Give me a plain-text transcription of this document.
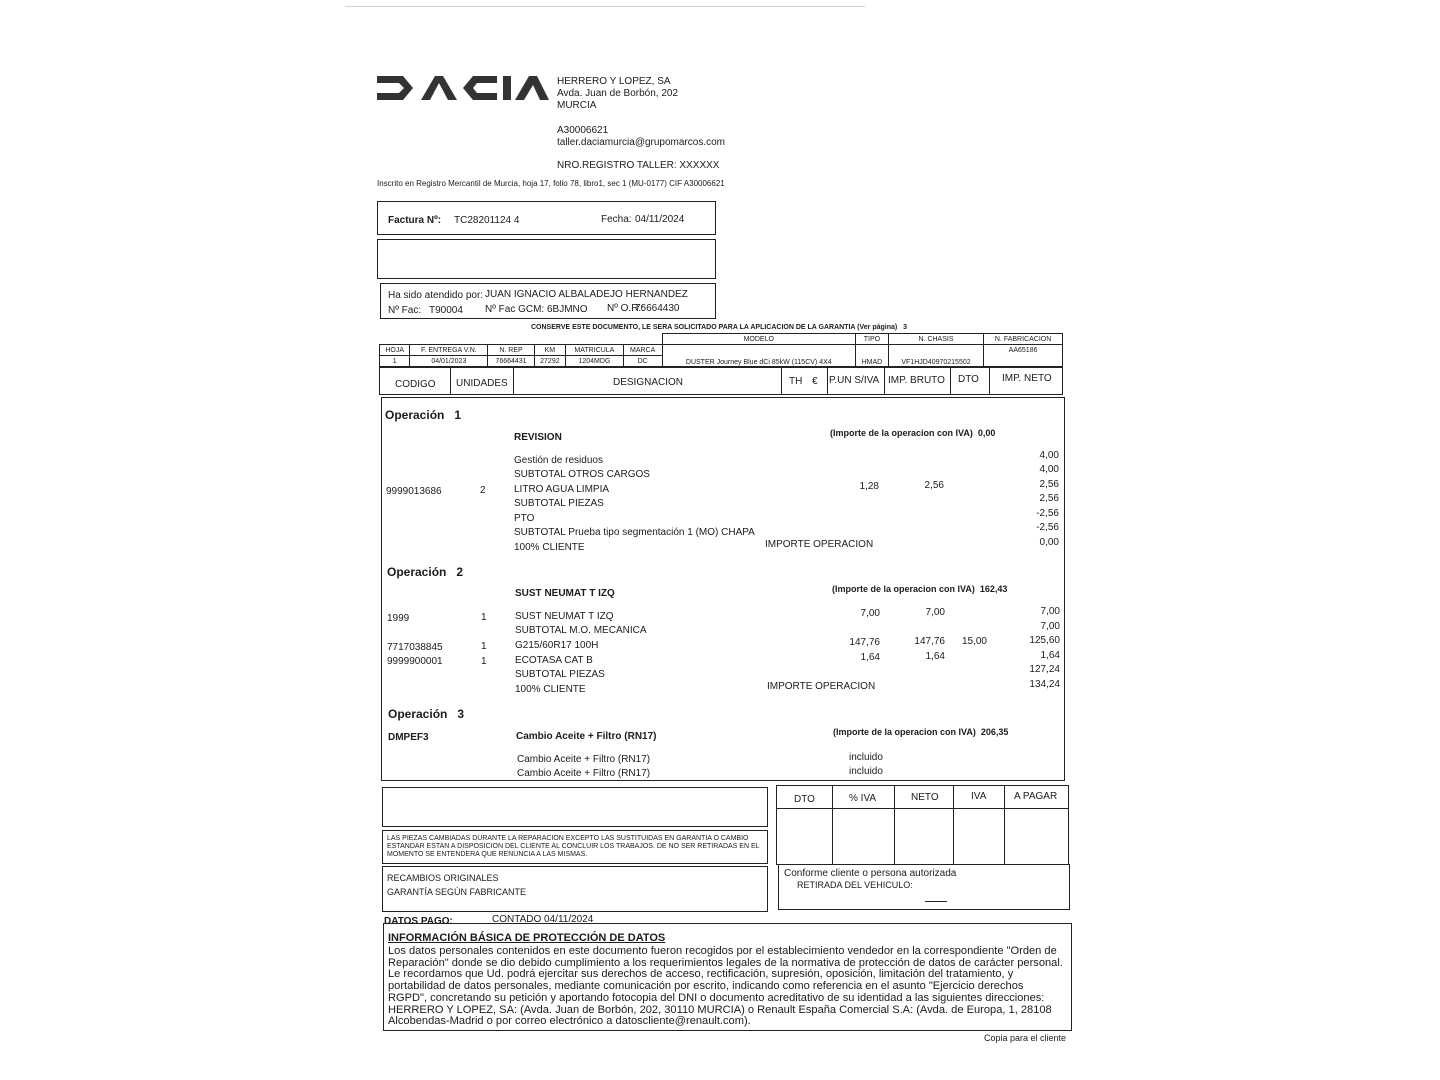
HERRERO Y LOPEZ, SA
Avda. Juan de Borbón, 202
MURCIA
A30006621
taller.daciamurcia@grupomarcos.com
NRO.REGISTRO TALLER: XXXXXX
Inscrito en Registro Mercantil de Murcia, hoja 17, folio 78, libro1, sec 1 (MU-0177) CIF A30006621
Factura Nº: TC28201124 4	Fecha: 04/11/2024
Ha sido atendido por: JUAN IGNACIO ALBALADEJO HERNANDEZ
Nº Fac: T90004 Nº Fac GCM: 6BJMNO Nº O.R.:
76664430
CONSERVE ESTE DOCUMENTO, LE SERA SOLICITADO PARA LA APLICACION DE LA GARANTIA (Ver página) 3
						MODELO	TIPO	N. CHASIS	N. FABRICACION
HOJA	F. ENTREGA V.N.	N. REP	KM	MATRICULA	MARCA	DUSTER Journey Blue dCi 85kW (115CV) 4X4	HMAD	VF1HJD40970215502	AA65186
1	04/01/2023	76664431	27292	1204MDG	DC				
CODIGO UNIDADES	DESIGNACION	TH € P.UN S/IVA IMP. BRUTO DTO IMP. NETO
Operación 1
REVISION	(Importe de la operacion con IVA) 0,00
Gestión de residuos	4,00
SUBTOTAL OTROS CARGOS	4,00
9999013686	2	LITRO AGUA LIMPIA	1,28	2,56	2,56
SUBTOTAL PIEZAS	2,56
PTO	-2,56
SUBTOTAL Prueba tipo segmentación 1 (MO) CHAPA	-2,56
100% CLIENTE	IMPORTE OPERACION	0,00
Operación 2
SUST NEUMAT T IZQ	(Importe de la operacion con IVA) 162,43
1999	1	SUST NEUMAT T IZQ	7,00	7,00	7,00
SUBTOTAL M.O. MECANICA	7,00
7717038845	1	G215/60R17 100H	147,76	147,76 15,00	125,60
9999900001	1	ECOTASA CAT B	1,64	1,64	1,64
SUBTOTAL PIEZAS	127,24
100% CLIENTE	IMPORTE OPERACION	134,24
Operación 3
DMPEF3	Cambio Aceite + Filtro (RN17)	(Importe de la operacion con IVA) 206,35
Cambio Aceite + Filtro (RN17)	incluido
Cambio Aceite + Filtro (RN17)	incluido
DTO	% IVA	NETO	IVA	A PAGAR
LAS PIEZAS CAMBIADAS DURANTE LA REPARACION EXCEPTO LAS SUSTITUIDAS EN GARANTIA O CAMBIO ESTANDAR ESTAN A DISPOSICION DEL CLIENTE AL CONCLUIR LOS TRABAJOS. DE NO SER RETIRADAS EN EL MOMENTO SE ENTENDERA QUE RENUNCIA A LAS MISMAS.
RECAMBIOS ORIGINALES
GARANTÍA SEGÚN FABRICANTE
Conforme cliente o persona autorizada
RETIRADA DEL VEHICULO:
DATOS PAGO:	CONTADO 04/11/2024
INFORMACIÓN BÁSICA DE PROTECCIÓN DE DATOS
Los datos personales contenidos en este documento fueron recogidos por el establecimiento vendedor en la correspondiente "Orden de Reparación" donde se dio debido cumplimiento a los requerimientos legales de la normativa de protección de datos de carácter personal. Le recordamos que Ud. podrá ejercitar sus derechos de acceso, rectificación, supresión, oposición, limitación del tratamiento, y portabilidad de datos personales, mediante comunicación por escrito, indicando como referencia en el asunto "Ejercicio derechos RGPD", concretando su petición y aportando fotocopia del DNI o documento acreditativo de su identidad a las siguientes direcciones: HERRERO Y LOPEZ, SA: (Avda. Juan de Borbón, 202, 30110 MURCIA) o Renault España Comercial S.A: (Avda. de Europa, 1, 28108 Alcobendas-Madrid o por correo electrónico a datoscliente@renault.com).
Copia para el cliente
